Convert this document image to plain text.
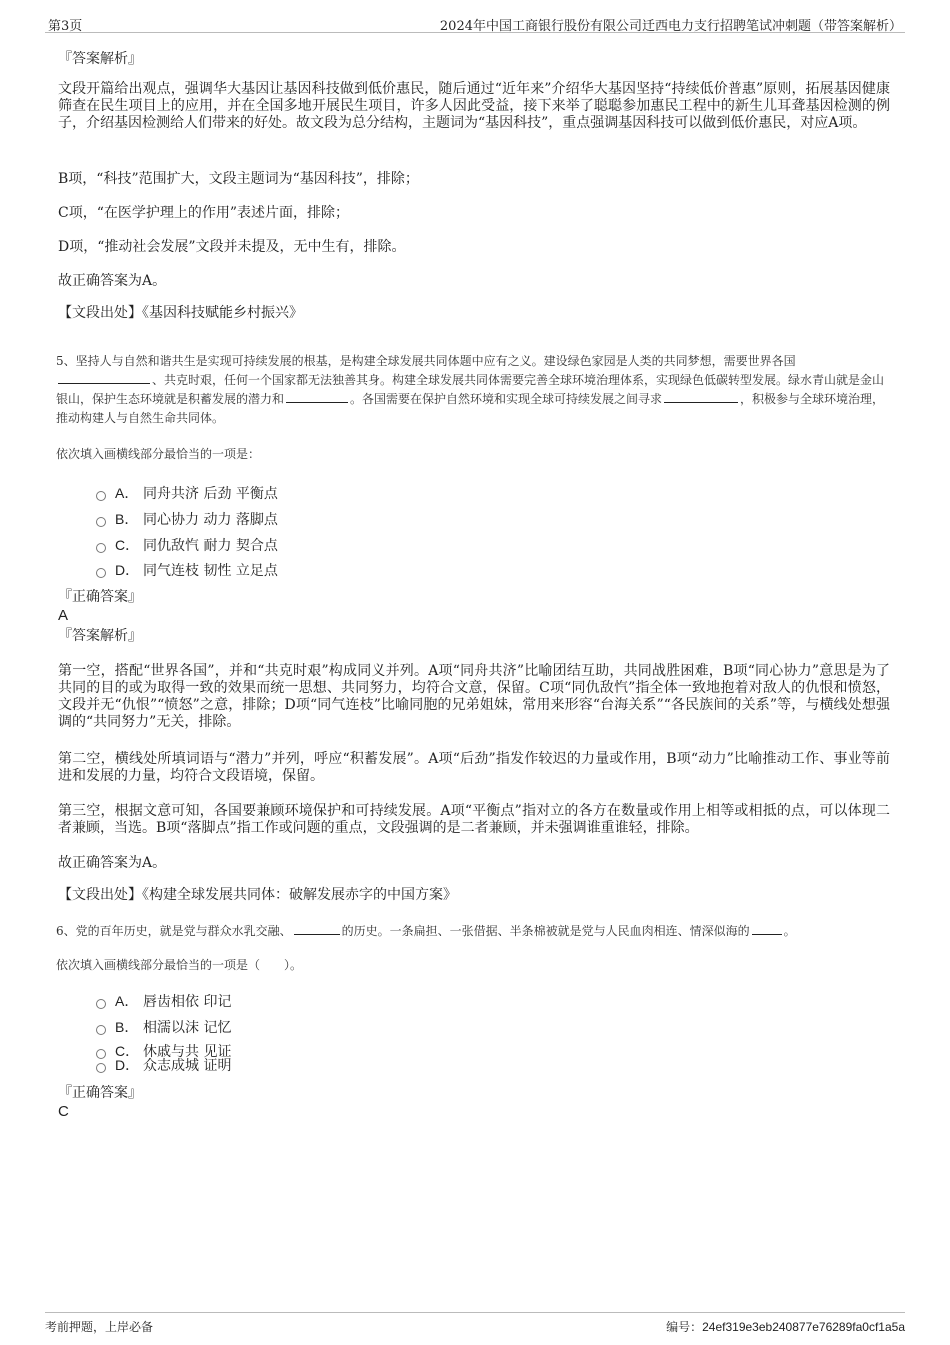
第3页	2024年中国工商银行股份有限公司迁西电力支行招聘笔试冲刺题（带答案解析）
『答案解析』
文段开篇给出观点，强调华大基因让基因科技做到低价惠民，随后通过“近年来”介绍华大基因坚持“持续低价普惠”原则，拓展基因健康筛查在民生项目上的应用，并在全国多地开展民生项目，许多人因此受益，接下来举了聪聪参加惠民工程中的新生儿耳聋基因检测的例子，介绍基因检测给人们带来的好处。故文段为总分结构，主题词为“基因科技”，重点强调基因科技可以做到低价惠民，对应A项。
B项，“科技”范围扩大，文段主题词为“基因科技”，排除；
C项，“在医学护理上的作用”表述片面，排除；
D项，“推动社会发展”文段并未提及，无中生有，排除。
故正确答案为A。
【文段出处】《基因科技赋能乡村振兴》
5、坚持人与自然和谐共生是实现可持续发展的根基，是构建全球发展共同体题中应有之义。建设绿色家园是人类的共同梦想，需要世界各国、共克时艰，任何一个国家都无法独善其身。构建全球发展共同体需要完善全球环境治理体系，实现绿色低碳转型发展。绿水青山就是金山银山，保护生态环境就是积蓄发展的潜力和	。各国需要在保护自然环境和实现全球可持续发展之间寻求	，积极参与全球环境治理，推动构建人与自然生命共同体。
依次填入画横线部分最恰当的一项是：
A． 同舟共济 后劲 平衡点
B． 同心协力 动力 落脚点
C． 同仇敌忾 耐力 契合点
D． 同气连枝 韧性 立足点
『正确答案』
A
『答案解析』
第一空，搭配“世界各国”，并和“共克时艰”构成同义并列。A项“同舟共济”比喻团结互助，共同战胜困难，B项“同心协力”意思是为了共同的目的或为取得一致的效果而统一思想、共同努力，均符合文意，保留。C项“同仇敌忾”指全体一致地抱着对敌人的仇恨和愤怒，文段并无“仇恨”“愤怒”之意，排除；D项“同气连枝”比喻同胞的兄弟姐妹，常用来形容“台海关系”“各民族间的关系”等，与横线处想强调的“共同努力”无关，排除。
第二空，横线处所填词语与“潜力”并列，呼应“积蓄发展”。A项“后劲”指发作较迟的力量或作用，B项“动力”比喻推动工作、事业等前进和发展的力量，均符合文段语境，保留。
第三空，根据文意可知，各国要兼顾环境保护和可持续发展。A项“平衡点”指对立的各方在数量或作用上相等或相抵的点，可以体现二者兼顾，当选。B项“落脚点”指工作或问题的重点，文段强调的是二者兼顾，并未强调谁重谁轻，排除。
故正确答案为A。
【文段出处】《构建全球发展共同体：破解发展赤字的中国方案》
6、党的百年历史，就是党与群众水乳交融、	的历史。一条扁担、一张借据、半条棉被就是党与人民血肉相连、情深似海的	。
依次填入画横线部分最恰当的一项是（　　）。
A． 唇齿相依 印记
B． 相濡以沫 记忆
C． 休戚与共 见证
D． 众志成城 证明
『正确答案』
C
考前押题，上岸必备	编号：24ef319e3eb240877e76289fa0cf1a5a
